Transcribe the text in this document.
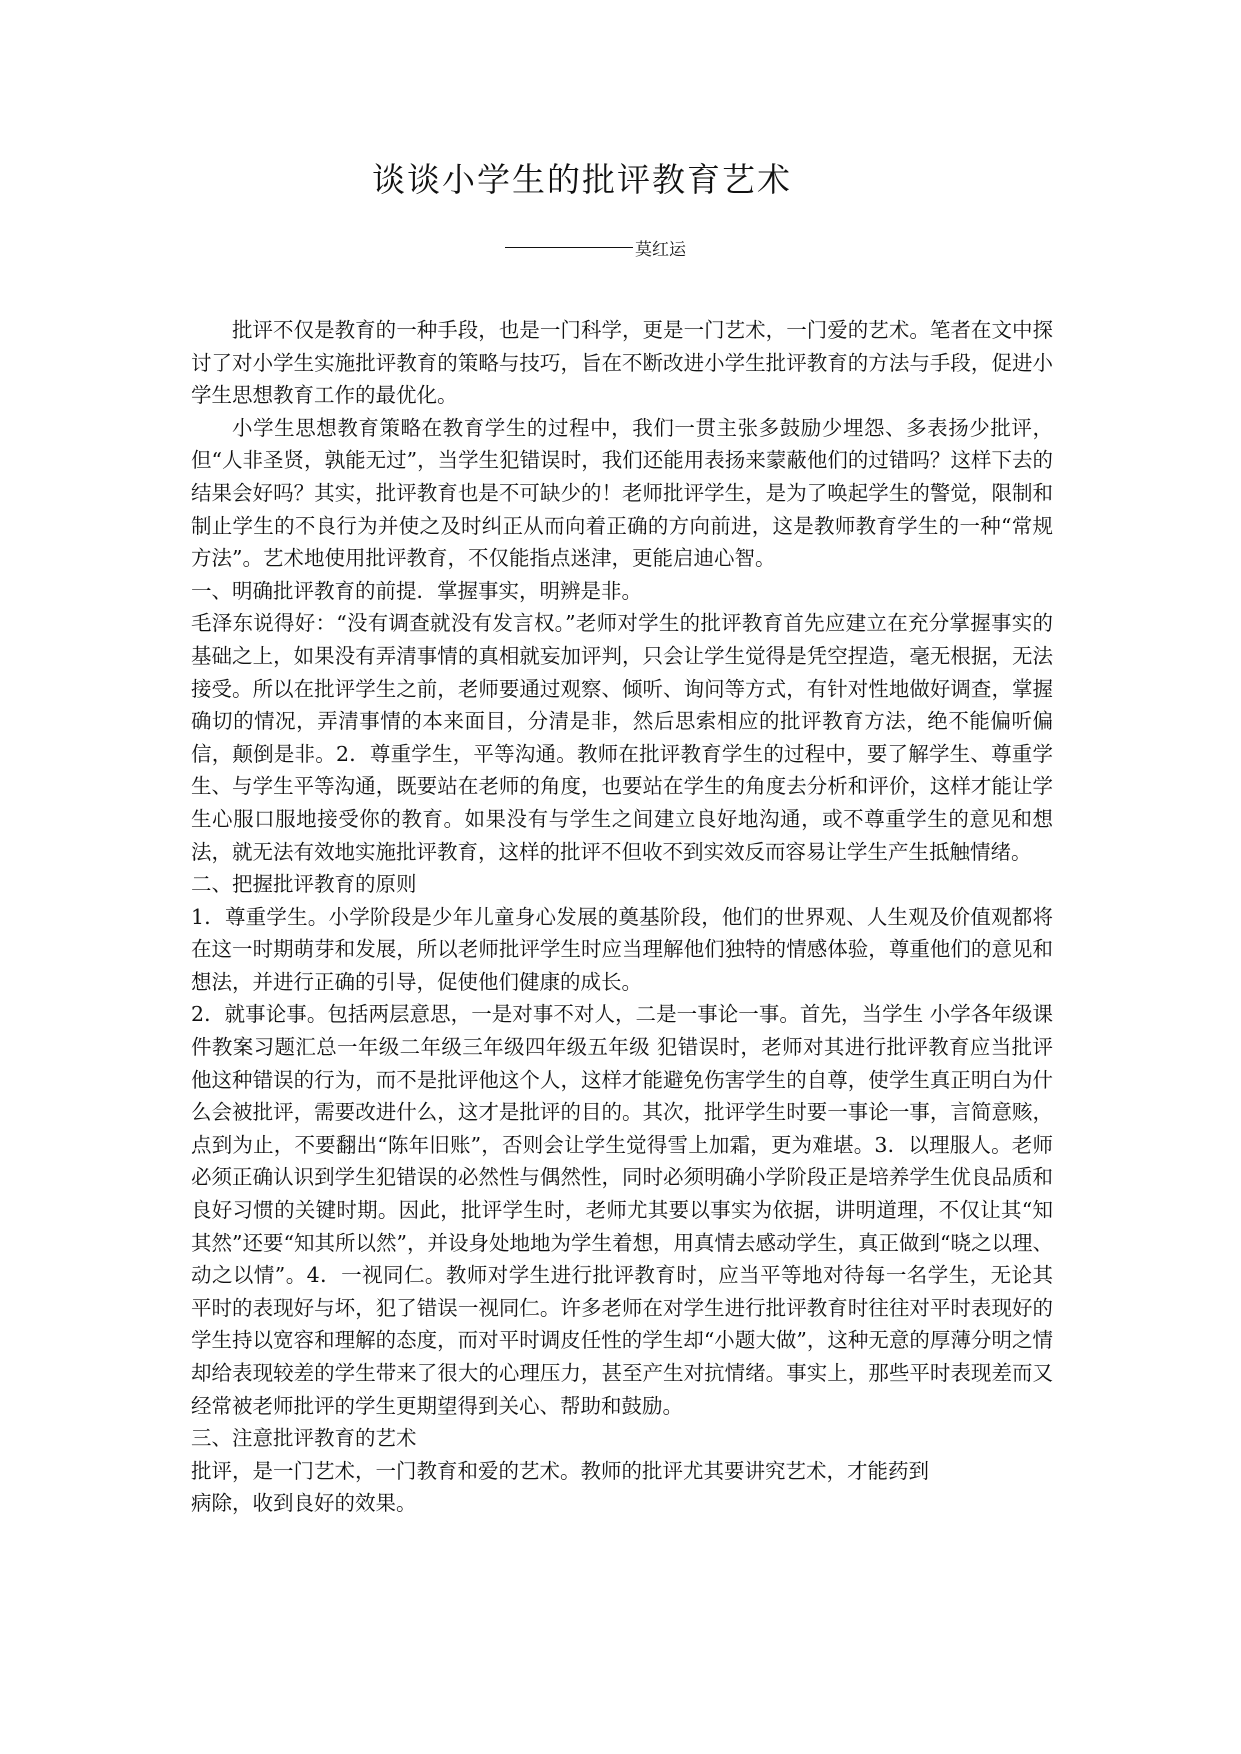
谈谈小学生的批评教育艺术
莫红运

批评不仅是教育的一种手段，也是一门科学，更是一门艺术，一门爱的艺术。笔者在文中探讨了对小学生实施批评教育的策略与技巧，旨在不断改进小学生批评教育的方法与手段，促进小学生思想教育工作的最优化。

小学生思想教育策略在教育学生的过程中，我们一贯主张多鼓励少埋怨、多表扬少批评，但“人非圣贤，孰能无过”，当学生犯错误时，我们还能用表扬来蒙蔽他们的过错吗？这样下去的结果会好吗？其实，批评教育也是不可缺少的！老师批评学生，是为了唤起学生的警觉，限制和制止学生的不良行为并使之及时纠正从而向着正确的方向前进，这是教师教育学生的一种“常规方法”。艺术地使用批评教育，不仅能指点迷津，更能启迪心智。

一、明确批评教育的前提．掌握事实，明辨是非。

毛泽东说得好：“没有调查就没有发言权。”老师对学生的批评教育首先应建立在充分掌握事实的基础之上，如果没有弄清事情的真相就妄加评判，只会让学生觉得是凭空捏造，毫无根据，无法接受。所以在批评学生之前，老师要通过观察、倾听、询问等方式，有针对性地做好调查，掌握确切的情况，弄清事情的本来面目，分清是非，然后思索相应的批评教育方法，绝不能偏听偏信，颠倒是非。2．尊重学生，平等沟通。教师在批评教育学生的过程中，要了解学生、尊重学生、与学生平等沟通，既要站在老师的角度，也要站在学生的角度去分析和评价，这样才能让学生心服口服地接受你的教育。如果没有与学生之间建立良好地沟通，或不尊重学生的意见和想法，就无法有效地实施批评教育，这样的批评不但收不到实效反而容易让学生产生抵触情绪。

二、把握批评教育的原则

1．尊重学生。小学阶段是少年儿童身心发展的奠基阶段，他们的世界观、人生观及价值观都将在这一时期萌芽和发展，所以老师批评学生时应当理解他们独特的情感体验，尊重他们的意见和想法，并进行正确的引导，促使他们健康的成长。

2．就事论事。包括两层意思，一是对事不对人，二是一事论一事。首先，当学生 小学各年级课件教案习题汇总一年级二年级三年级四年级五年级 犯错误时，老师对其进行批评教育应当批评他这种错误的行为，而不是批评他这个人，这样才能避免伤害学生的自尊，使学生真正明白为什么会被批评，需要改进什么，这才是批评的目的。其次，批评学生时要一事论一事，言简意赅，点到为止，不要翻出“陈年旧账”，否则会让学生觉得雪上加霜，更为难堪。3．以理服人。老师必须正确认识到学生犯错误的必然性与偶然性，同时必须明确小学阶段正是培养学生优良品质和良好习惯的关键时期。因此，批评学生时，老师尤其要以事实为依据，讲明道理，不仅让其“知其然”还要“知其所以然”，并设身处地地为学生着想，用真情去感动学生，真正做到“晓之以理、动之以情”。4．一视同仁。教师对学生进行批评教育时，应当平等地对待每一名学生，无论其平时的表现好与坏，犯了错误一视同仁。许多老师在对学生进行批评教育时往往对平时表现好的学生持以宽容和理解的态度，而对平时调皮任性的学生却“小题大做”，这种无意的厚薄分明之情却给表现较差的学生带来了很大的心理压力，甚至产生对抗情绪。事实上，那些平时表现差而又经常被老师批评的学生更期望得到关心、帮助和鼓励。

三、注意批评教育的艺术

批评，是一门艺术，一门教育和爱的艺术。教师的批评尤其要讲究艺术，才能药到

病除，收到良好的效果。
